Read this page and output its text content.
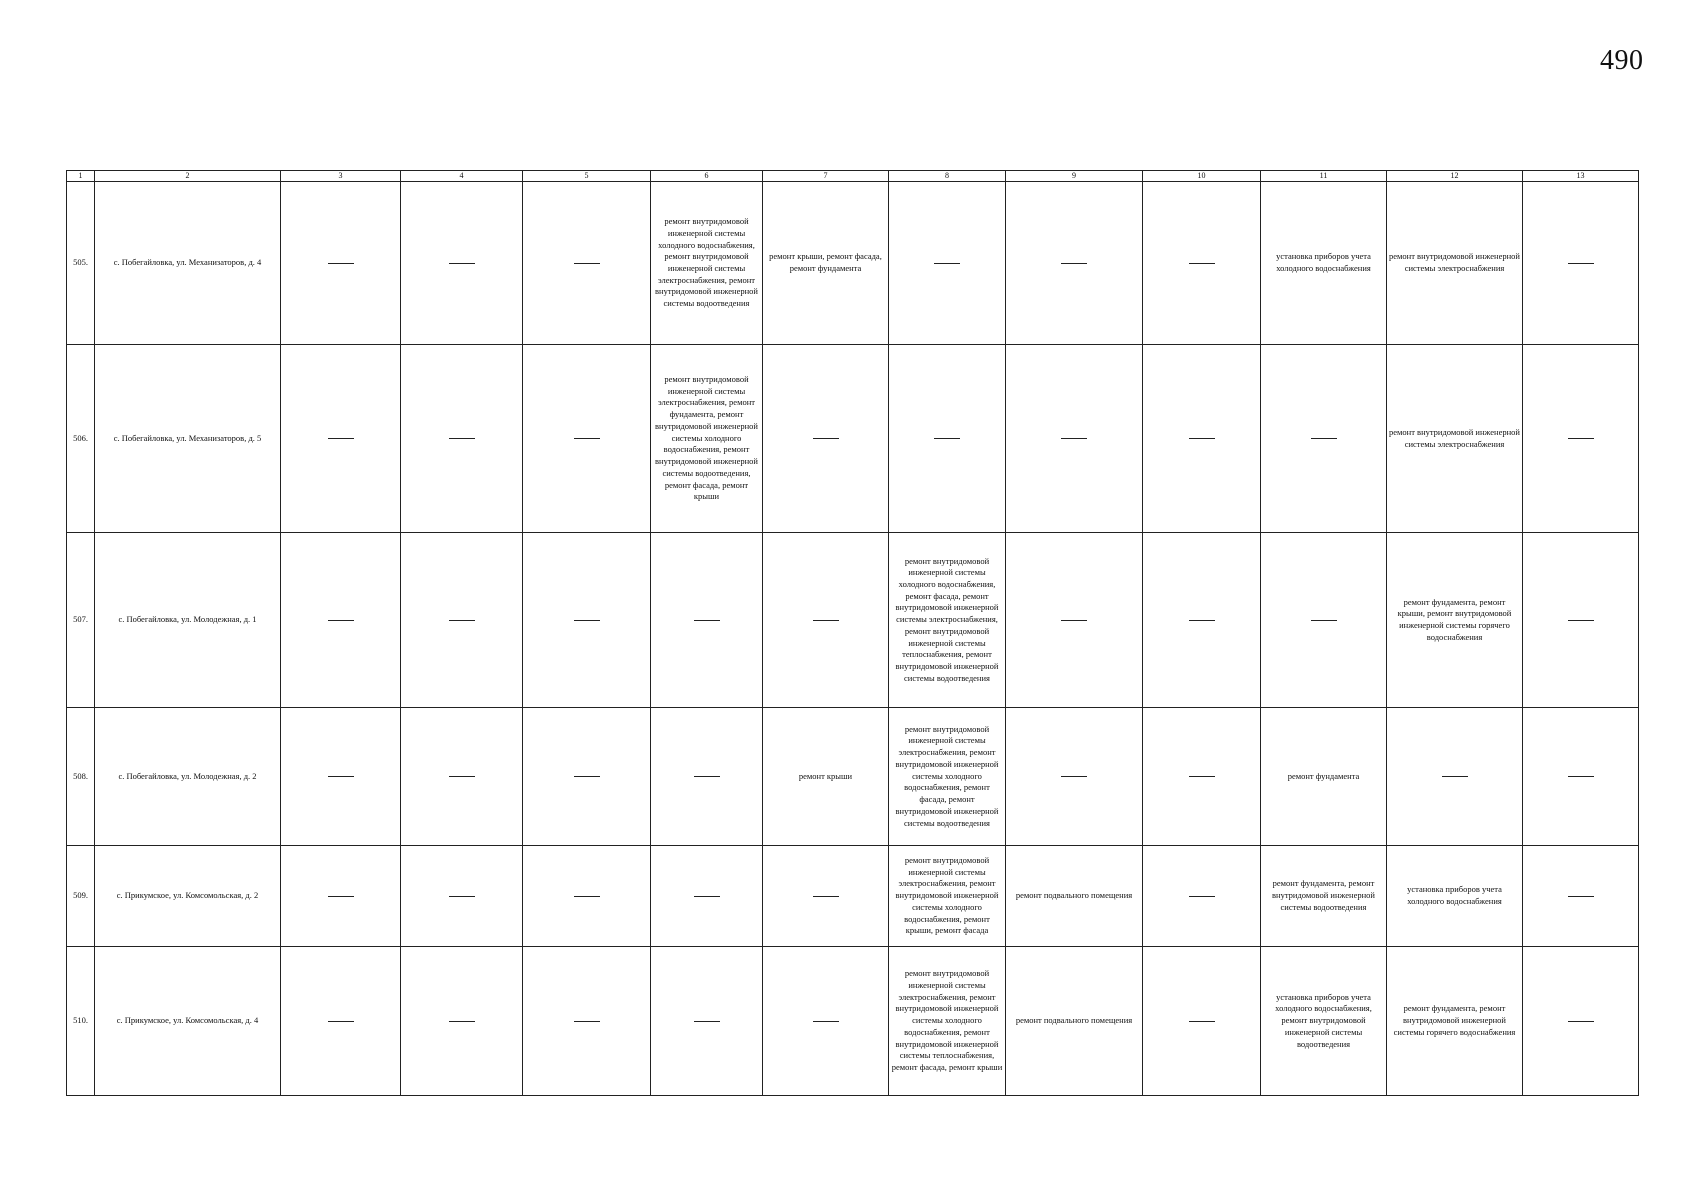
490
1	2	3	4	5	6	7	8	9	10	11	12	13
505.	с. Побегайловка, ул. Механизаторов, д. 4				ремонт внутридомовой инженерной системы холодного водоснабжения, ремонт внутридомовой инженерной системы электроснабжения, ремонт внутридомовой инженерной системы водоотведения	ремонт крыши, ремонт фасада, ремонт фундамента				установка приборов учета холодного водоснабжения	ремонт внутридомовой инженерной системы электроснабжения	
506.	с. Побегайловка, ул. Механизаторов, д. 5				ремонт внутридомовой инженерной системы электроснабжения, ремонт фундамента, ремонт внутридомовой инженерной системы холодного водоснабжения, ремонт внутридомовой инженерной системы водоотведения, ремонт фасада, ремонт крыши						ремонт внутридомовой инженерной системы электроснабжения	
507.	с. Побегайловка, ул. Молодежная, д. 1						ремонт внутридомовой инженерной системы холодного водоснабжения, ремонт фасада, ремонт внутридомовой инженерной системы электроснабжения, ремонт внутридомовой инженерной системы теплоснабжения, ремонт внутридомовой инженерной системы водоотведения				ремонт фундамента, ремонт крыши, ремонт внутридомовой инженерной системы горячего водоснабжения	
508.	с. Побегайловка, ул. Молодежная, д. 2					ремонт крыши	ремонт внутридомовой инженерной системы электроснабжения, ремонт внутридомовой инженерной системы холодного водоснабжения, ремонт фасада, ремонт внутридомовой инженерной системы водоотведения			ремонт фундамента		
509.	с. Прикумское, ул. Комсомольская, д. 2						ремонт внутридомовой инженерной системы электроснабжения, ремонт внутридомовой инженерной системы холодного водоснабжения, ремонт крыши, ремонт фасада	ремонт подвального помещения		ремонт фундамента, ремонт внутридомовой инженерной системы водоотведения	установка приборов учета холодного водоснабжения	
510.	с. Прикумское, ул. Комсомольская, д. 4						ремонт внутридомовой инженерной системы электроснабжения, ремонт внутридомовой инженерной системы холодного водоснабжения, ремонт внутридомовой инженерной системы теплоснабжения, ремонт фасада, ремонт крыши	ремонт подвального помещения		установка приборов учета холодного водоснабжения, ремонт внутридомовой инженерной системы водоотведения	ремонт фундамента, ремонт внутридомовой инженерной системы горячего водоснабжения	
